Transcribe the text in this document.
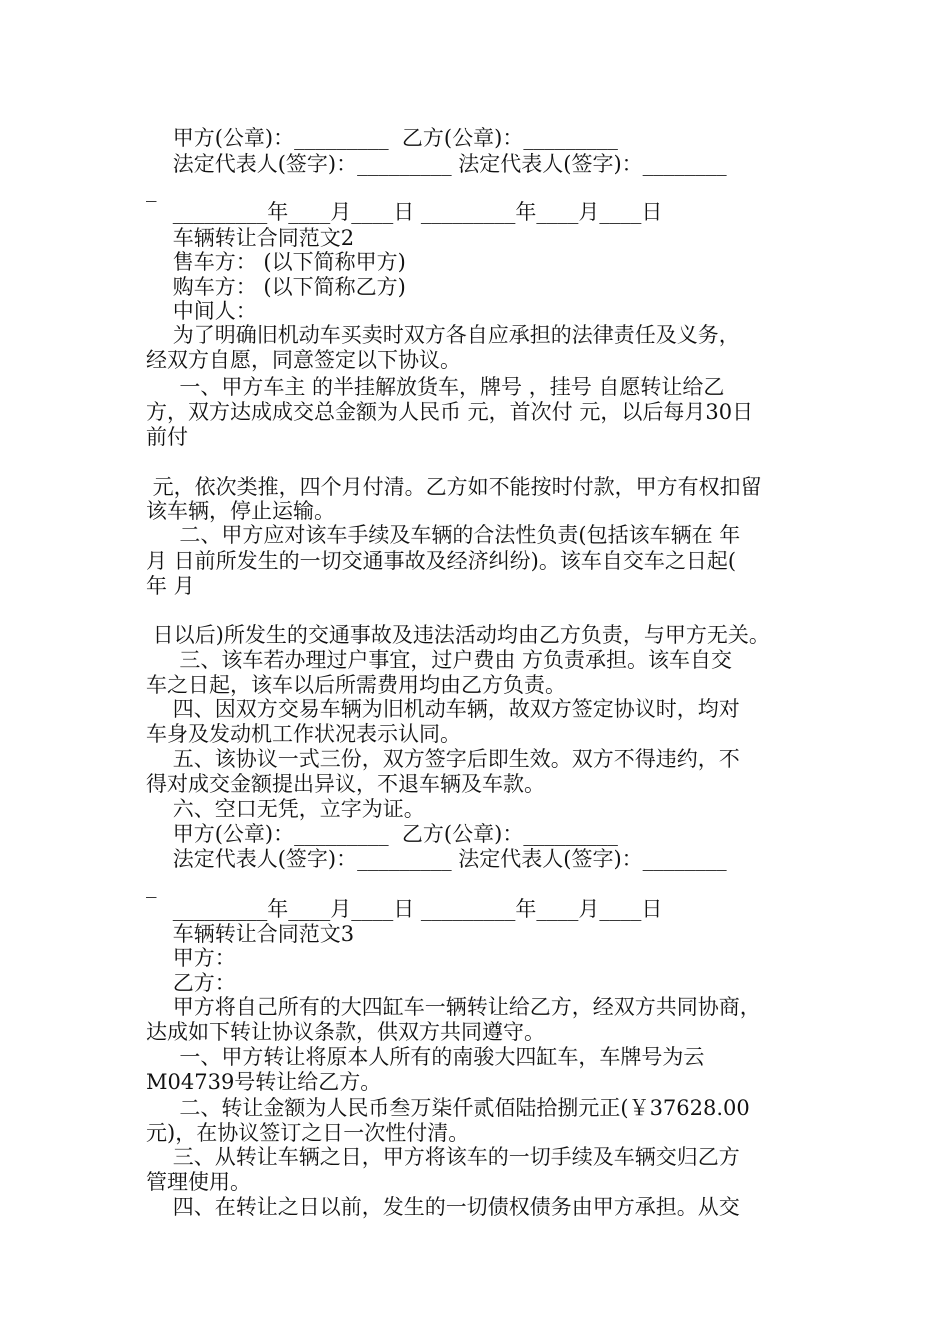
甲方(公章)：_________  乙方(公章)：_________
法定代表人(签字)：_________ 法定代表人(签字)：________
_
_________年____月____日 _________年____月____日
车辆转让合同范文2
售车方： (以下简称甲方)
购车方： (以下简称乙方)
中间人：
为了明确旧机动车买卖时双方各自应承担的法律责任及义务，
经双方自愿，同意签定以下协议。
一、甲方车主 的半挂解放货车，牌号 ，挂号 自愿转让给乙
方，双方达成成交总金额为人民币 元，首次付 元，以后每月30日
前付
元，依次类推，四个月付清。乙方如不能按时付款，甲方有权扣留
该车辆，停止运输。
二、甲方应对该车手续及车辆的合法性负责(包括该车辆在 年
月 日前所发生的一切交通事故及经济纠纷)。该车自交车之日起(
年 月
日以后)所发生的交通事故及违法活动均由乙方负责，与甲方无关。
三、该车若办理过户事宜，过户费由 方负责承担。该车自交
车之日起，该车以后所需费用均由乙方负责。
四、因双方交易车辆为旧机动车辆，故双方签定协议时，均对
车身及发动机工作状况表示认同。
五、该协议一式三份，双方签字后即生效。双方不得违约，不
得对成交金额提出异议，不退车辆及车款。
六、空口无凭，立字为证。
甲方(公章)：_________  乙方(公章)：_________
法定代表人(签字)：_________ 法定代表人(签字)：________
_
_________年____月____日 _________年____月____日
车辆转让合同范文3
甲方：
乙方：
甲方将自己所有的大四缸车一辆转让给乙方，经双方共同协商，
达成如下转让协议条款，供双方共同遵守。
一、甲方转让将原本人所有的南骏大四缸车，车牌号为云
M04739号转让给乙方。
二、转让金额为人民币叁万柒仟贰佰陆拾捌元正(￥37628.00
元)，在协议签订之日一次性付清。
三、从转让车辆之日，甲方将该车的一切手续及车辆交归乙方
管理使用。
四、在转让之日以前，发生的一切债权债务由甲方承担。从交
